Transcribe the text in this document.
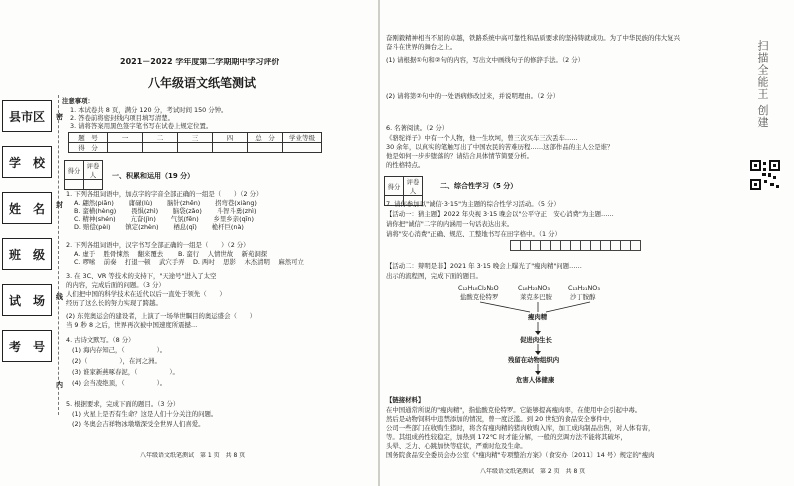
2021－2022 学年度第二学期期中学习评价
八年级语文纸笔测试
注意事项：
1. 本试卷共 8 页，满分 120 分，考试时间 150 分钟。
2. 答卷前将密封线内项目填写清楚。
3. 请将答案用黑色签字笔书写在试卷上规定位置。
题　号	一	二	三	四	总　分	学业等级
得　分						
县市区
学　校
姓　名
班　级
试　场
考　号
密
封
线
内
得分	评卷人
	一、积累和运用（19 分）
1. 下列各组词语中，加点字的字音全部正确的一组是（　　）（2 分）
A. 翩然(piān)　　 庸碌(lù)　　 脑针(zhēn)　　 拐弯巷(xiàng)
B. 蛮横(hèng)　　 畏惧(zhì)　　 脑袋(zǎo)　　 斗智斗勇(zhì)
C. 精神(shén)　　 亢奋(jìn)　　 气氛(fēn)　　 乡里乡亲(qīn)
D. 赔偿(pèi)　　 镇定(zhèn)　　 栖息(qī)　　 桅杆巨(nà)
2. 下列各组词语中，汉字书写全部正确的一组是（　　）（2 分）
A. 虚于　 胜骨悚然　 翻来覆去　　 B. 蛮行　 人情世故　 新苑洞探
C. 啰嗦　 前奏　 打退一顿　 武穴手弄　 D. 两吋　 思影　 木杰清明　 麻然可立
3. 在 3C、VR 等技术的支持下，"天途号"进入了太空
的内容，完成后面的问题。（3 分）
人们把中国的科学技术在近代以后一直处于领先（　　）
经历了这么长的努力实现了跨越。
(2) 东莞奥运会的建设者，上演了一场举世瞩目的奥运盛会（　　）
当 9 秒 8 之后，世界再次被中国速度所震撼…
4. 古诗文默写。（8 分）
(1) 海内存知己，（　　　　　）。
(2)（　　　　　），在河之洲。
(3) 谁家新燕啄春泥，（　　　　　）。
(4) 会当凌绝顶，（　　　　　）。
5. 根据要求，完成下面的题目。（3 分）
(1) 火星上是否有生命？这是人们十分关注的问题。
(2) 冬奥会吉祥物冰墩墩深受全世界人们喜爱。
八年级语文纸笔测试　第 1 页　共 8 页
奋刚毅精神相当不屈的卓越，铁路系统中高可靠性和品质要求的坚持铸就成功。为了中华民族的伟大复兴
奋斗在世界的舞台之上。
(1) 请根据①句和②句的内容，写出文中画线句子的修辞手法。（2 分）
(2) 请将第②句中的一处语病修改过来，并说明理由。（2 分）
6. 名著阅读。（2 分）
《骆驼祥子》中有一个人物，他一生坎坷，曾三次买车三次丢车……
30 余年，以真实的笔触写出了中国农民的苦难历程……这部作品的主人公是谁？
他是如何一步步堕落的？请结合具体情节简要分析。
的性格特点。
得分	评卷人

二、综合性学习（5 分）
7. 请你参加以"诚信·3·15"为主题的综合性学习活动。（5 分）
【活动一：猜主题】2022 年央视 3·15 晚会以"公平守正　安心消费"为主题……
请你把"诚信"二字的内涵用一句话表达出来。
请将"安心消费"正确、规范、工整地书写在田字格中。（1 分）
【活动二：辩明是非】2021 年 3·15 晚会上曝光了"瘦肉精"问题……
出示的流程图，完成下面的题目。
C₁₂H₁₈Cl₂N₂O	C₁₈H₂₃NO₃	C₁₃H₂₁NO₃
盐酸克伦特罗	莱克多巴胺	沙丁胺醇
瘦肉精
促进肉生长
残留在动物组织内
危害人体健康
【链接材料】
在中国通常所说的"瘦肉精"，指盐酸克伦特罗。它能够提高瘦肉率，在使用中会引起中毒。
然后是动物饲料中违禁添加的情况，曾一度泛滥。到 20 世纪的食品安全事件中，
公司一些部门在收购生猪时，将含有瘦肉精的猪肉收购入库，加工成肉制品出售，对人体有害，
等。其组成药性较稳定，加热到 172℃ 时才能分解，一般的烹调方法不能将其破坏，
头晕、乏力、心跳加快等症状，严重时危及生命。
国务院食品安全委员会办公室《"瘦肉精"专项整治方案》（食安办〔2011〕14 号）规定的"瘦肉
八年级语文纸笔测试　第 2 页　共 8 页
扫描全能王 创建
